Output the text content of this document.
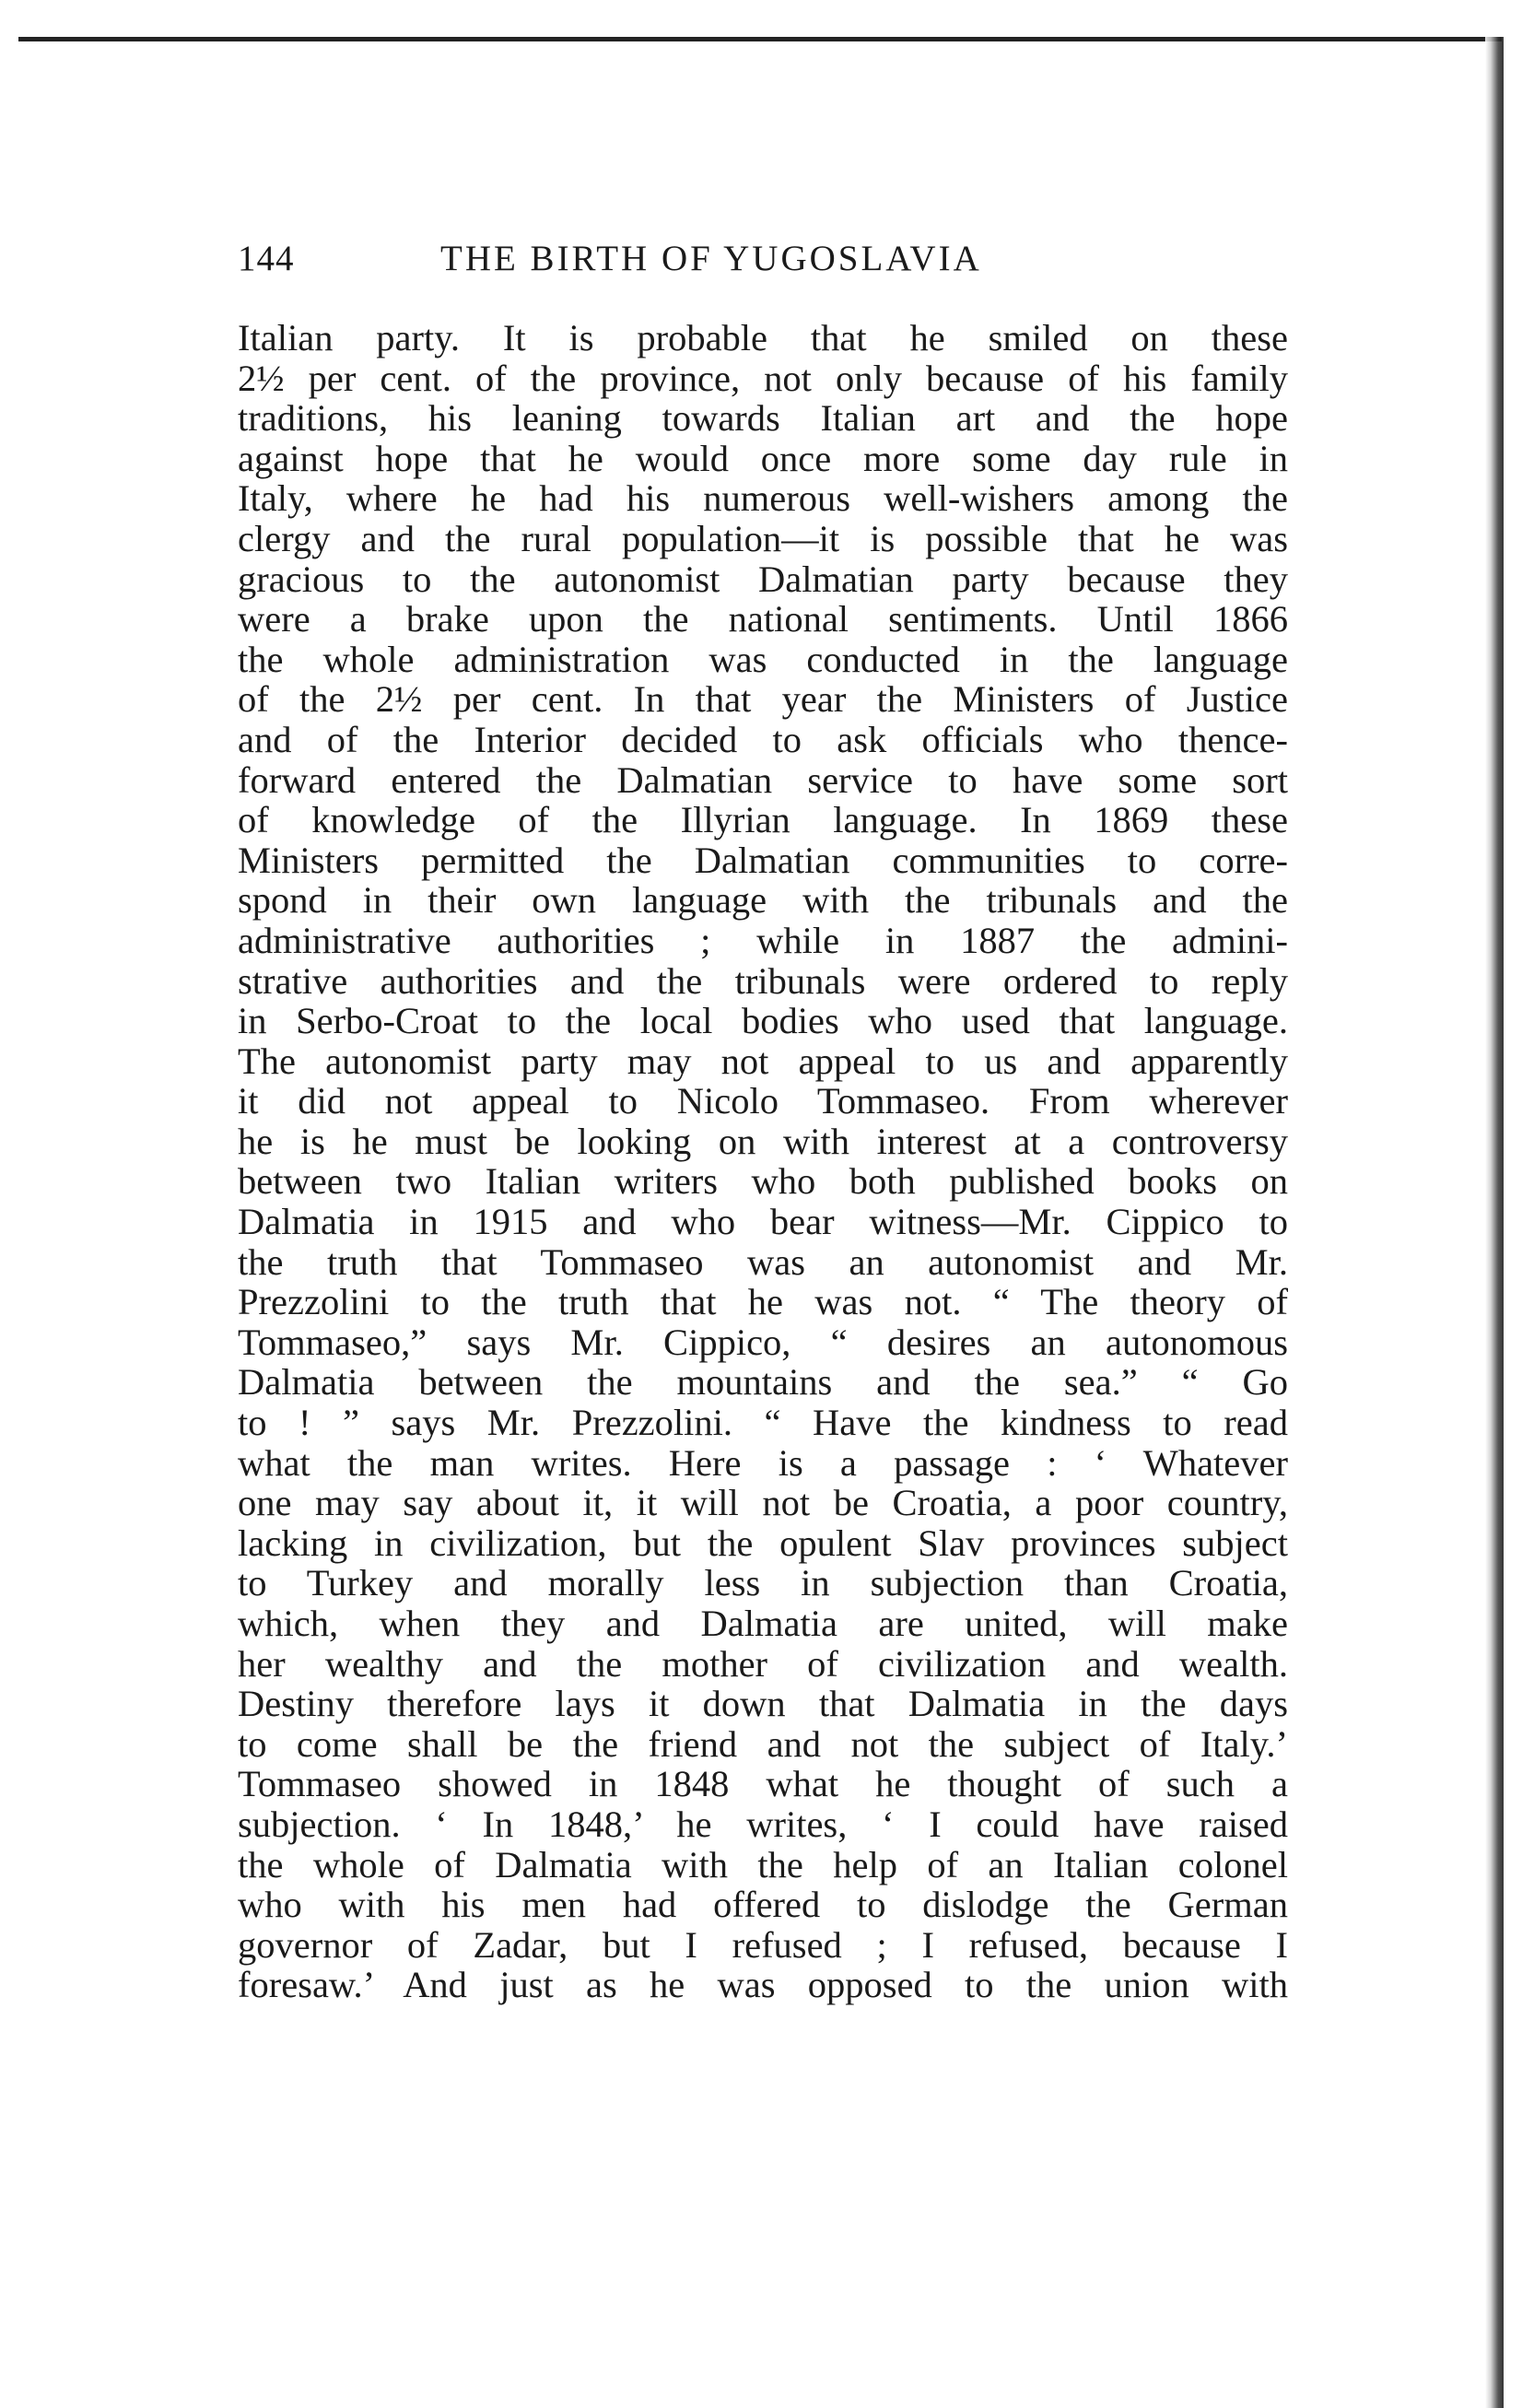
144	THE BIRTH OF YUGOSLAVIA
Italian party. It is probable that he smiled on these
2½ per cent. of the province, not only because of his family
traditions, his leaning towards Italian art and the hope
against hope that he would once more some day rule in
Italy, where he had his numerous well-wishers among the
clergy and the rural population—it is possible that he was
gracious to the autonomist Dalmatian party because they
were a brake upon the national sentiments. Until 1866
the whole administration was conducted in the language
of the 2½ per cent. In that year the Ministers of Justice
and of the Interior decided to ask officials who thence-
forward entered the Dalmatian service to have some sort
of knowledge of the Illyrian language. In 1869 these
Ministers permitted the Dalmatian communities to corre-
spond in their own language with the tribunals and the
administrative authorities ; while in 1887 the admini-
strative authorities and the tribunals were ordered to reply
in Serbo-Croat to the local bodies who used that language.
The autonomist party may not appeal to us and apparently
it did not appeal to Nicolo Tommaseo. From wherever
he is he must be looking on with interest at a controversy
between two Italian writers who both published books on
Dalmatia in 1915 and who bear witness—Mr. Cippico to
the truth that Tommaseo was an autonomist and Mr.
Prezzolini to the truth that he was not. “ The theory of
Tommaseo,” says Mr. Cippico, “ desires an autonomous
Dalmatia between the mountains and the sea.” “ Go
to ! ” says Mr. Prezzolini. “ Have the kindness to read
what the man writes. Here is a passage : ‘ Whatever
one may say about it, it will not be Croatia, a poor country,
lacking in civilization, but the opulent Slav provinces subject
to Turkey and morally less in subjection than Croatia,
which, when they and Dalmatia are united, will make
her wealthy and the mother of civilization and wealth.
Destiny therefore lays it down that Dalmatia in the days
to come shall be the friend and not the subject of Italy.’
Tommaseo showed in 1848 what he thought of such a
subjection. ‘ In 1848,’ he writes, ‘ I could have raised
the whole of Dalmatia with the help of an Italian colonel
who with his men had offered to dislodge the German
governor of Zadar, but I refused ; I refused, because I
foresaw.’ And just as he was opposed to the union with
